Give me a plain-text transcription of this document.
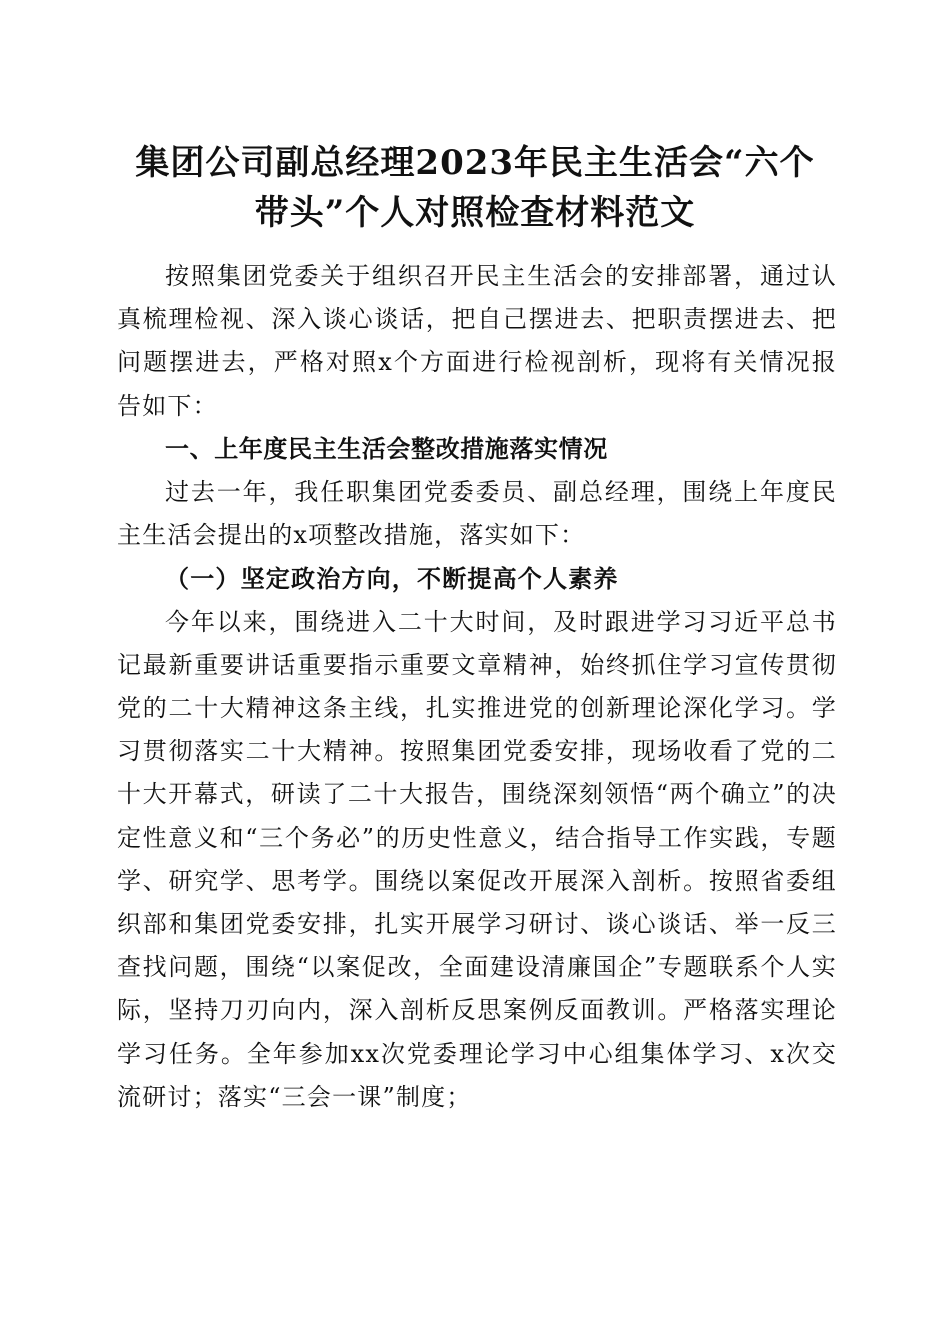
集团公司副总经理2023年民主生活会“六个
带头”个人对照检查材料范文

按照集团党委关于组织召开民主生活会的安排部署，通过认真梳理检视、深入谈心谈话，把自己摆进去、把职责摆进去、把问题摆进去，严格对照x个方面进行检视剖析，现将有关情况报告如下：

一、上年度民主生活会整改措施落实情况

过去一年，我任职集团党委委员、副总经理，围绕上年度民主生活会提出的x项整改措施，落实如下：

（一）坚定政治方向，不断提高个人素养

今年以来，围绕进入二十大时间，及时跟进学习习近平总书记最新重要讲话重要指示重要文章精神，始终抓住学习宣传贯彻党的二十大精神这条主线，扎实推进党的创新理论深化学习。学习贯彻落实二十大精神。按照集团党委安排，现场收看了党的二十大开幕式，研读了二十大报告，围绕深刻领悟“两个确立”的决定性意义和“三个务必”的历史性意义，结合指导工作实践，专题学、研究学、思考学。围绕以案促改开展深入剖析。按照省委组织部和集团党委安排，扎实开展学习研讨、谈心谈话、举一反三查找问题，围绕“以案促改，全面建设清廉国企”专题联系个人实际，坚持刀刃向内，深入剖析反思案例反面教训。严格落实理论学习任务。全年参加xx次党委理论学习中心组集体学习、x次交流研讨；落实“三会一课”制度；
